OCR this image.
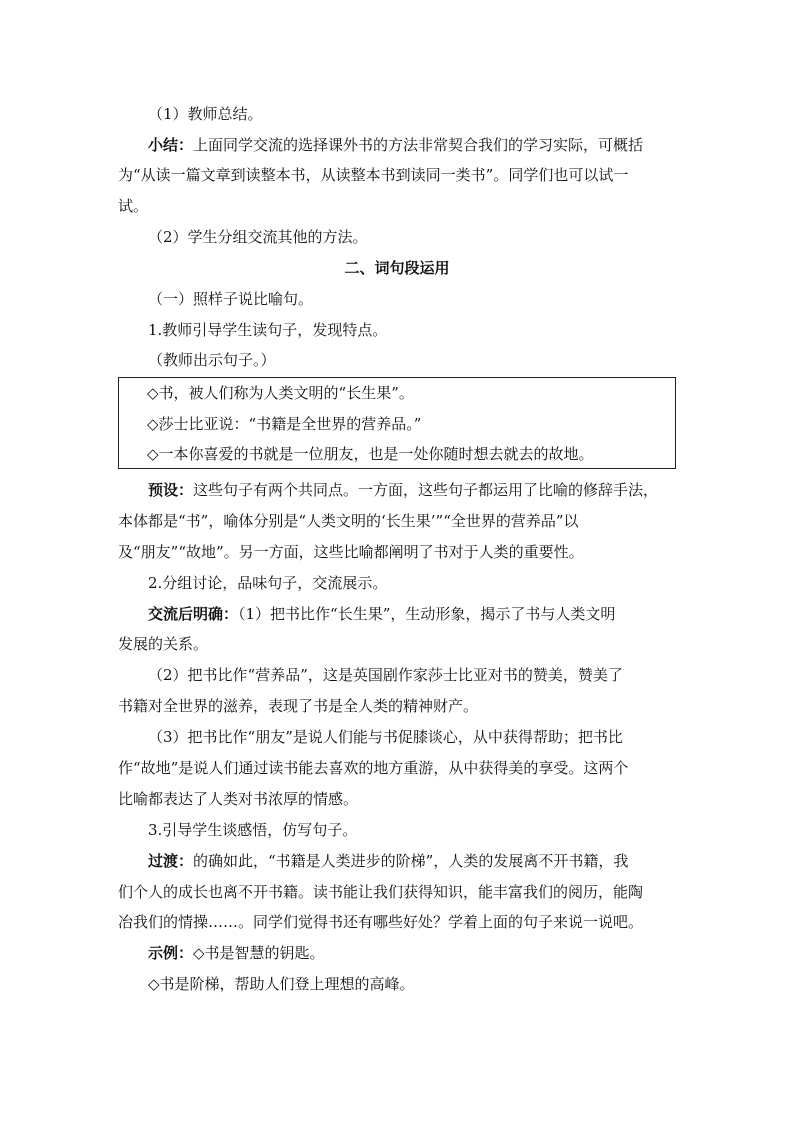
（1）教师总结。
小结：上面同学交流的选择课外书的方法非常契合我们的学习实际，可概括
为“从读一篇文章到读整本书，从读整本书到读同一类书”。同学们也可以试一
试。
（2）学生分组交流其他的方法。
二、词句段运用
（一）照样子说比喻句。
1.教师引导学生读句子，发现特点。
（教师出示句子。）
◇书，被人们称为人类文明的“长生果”。
◇莎士比亚说：“书籍是全世界的营养品。”
◇一本你喜爱的书就是一位朋友，也是一处你随时想去就去的故地。
预设：这些句子有两个共同点。一方面，这些句子都运用了比喻的修辞手法，
本体都是“书”，喻体分别是“人类文明的‘长生果’”“全世界的营养品”以
及“朋友”“故地”。另一方面，这些比喻都阐明了书对于人类的重要性。
2.分组讨论，品味句子，交流展示。
交流后明确：（1）把书比作“长生果”，生动形象，揭示了书与人类文明
发展的关系。
（2）把书比作“营养品”，这是英国剧作家莎士比亚对书的赞美，赞美了
书籍对全世界的滋养，表现了书是全人类的精神财产。
（3）把书比作“朋友”是说人们能与书促膝谈心，从中获得帮助；把书比
作“故地”是说人们通过读书能去喜欢的地方重游，从中获得美的享受。这两个
比喻都表达了人类对书浓厚的情感。
3.引导学生谈感悟，仿写句子。
过渡：的确如此，“书籍是人类进步的阶梯”，人类的发展离不开书籍，我
们个人的成长也离不开书籍。读书能让我们获得知识，能丰富我们的阅历，能陶
冶我们的情操……。同学们觉得书还有哪些好处？学着上面的句子来说一说吧。
示例：◇书是智慧的钥匙。
◇书是阶梯，帮助人们登上理想的高峰。
